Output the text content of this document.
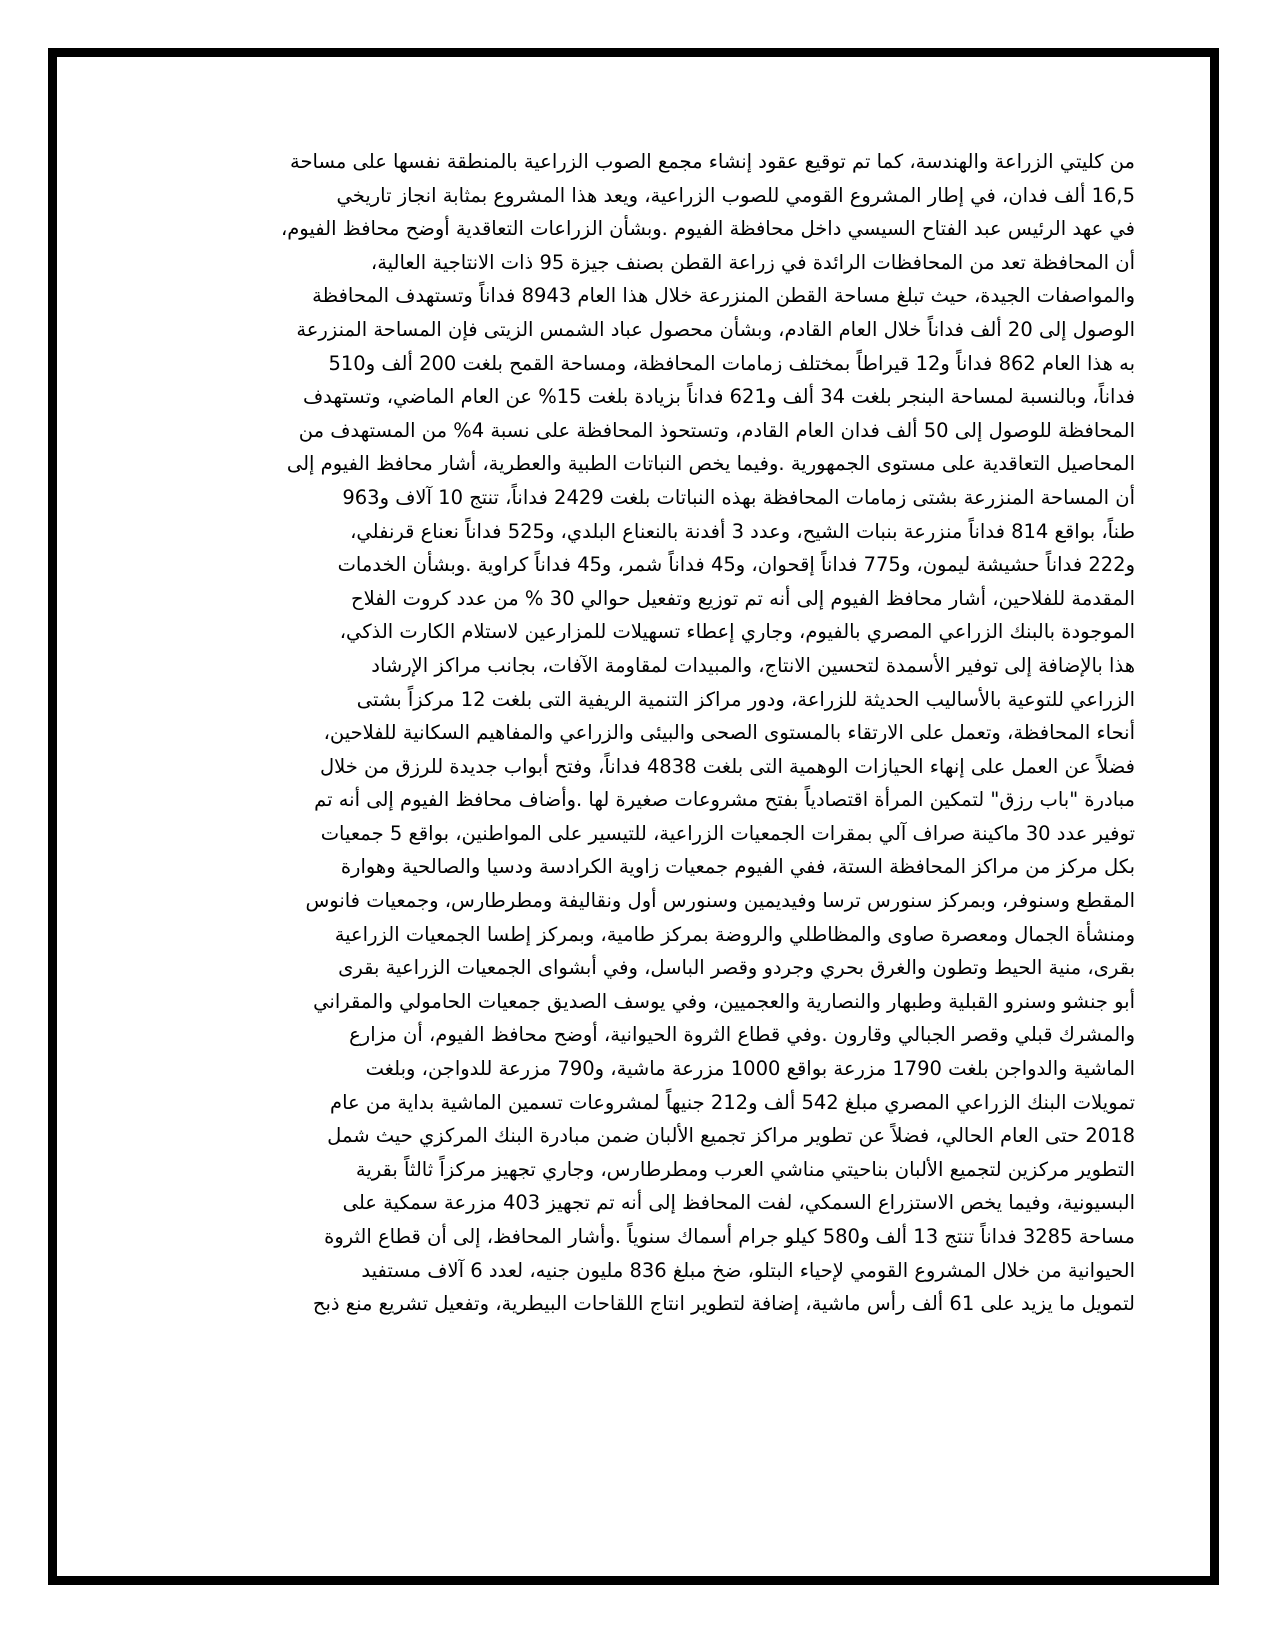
من كليتي الزراعة والهندسة، كما تم توقيع عقود إنشاء مجمع الصوب الزراعية بالمنطقة نفسها على مساحة
16,5 ألف فدان، في إطار المشروع القومي للصوب الزراعية، ويعد هذا المشروع بمثابة انجاز تاريخي
في عهد الرئيس عبد الفتاح السيسي داخل محافظة الفيوم .وبشأن الزراعات التعاقدية أوضح محافظ الفيوم،
أن المحافظة تعد من المحافظات الرائدة في زراعة القطن بصنف جيزة 95 ذات الانتاجية العالية،
والمواصفات الجيدة، حيث تبلغ مساحة القطن المنزرعة خلال هذا العام 8943 فداناً وتستهدف المحافظة
الوصول إلى 20 ألف فداناً خلال العام القادم، وبشأن محصول عباد الشمس الزيتى فإن المساحة المنزرعة
به هذا العام 862 فداناً و12 قيراطاً بمختلف زمامات المحافظة، ومساحة القمح بلغت 200 ألف و510
فداناً، وبالنسبة لمساحة البنجر بلغت 34 ألف و621 فداناً بزيادة بلغت 15% عن العام الماضي، وتستهدف
المحافظة للوصول إلى 50 ألف فدان العام القادم، وتستحوذ المحافظة على نسبة 4% من المستهدف من
المحاصيل التعاقدية على مستوى الجمهورية .وفيما يخص النباتات الطبية والعطرية، أشار محافظ الفيوم إلى
أن المساحة المنزرعة بشتى زمامات المحافظة بهذه النباتات بلغت 2429 فداناً، تنتج 10 آلاف و963
طناً، بواقع 814 فداناً منزرعة بنبات الشيح، وعدد 3 أفدنة بالنعناع البلدي، و525 فداناً نعناع قرنفلي،
و222 فداناً حشيشة ليمون، و775 فداناً إقحوان، و45 فداناً شمر، و45 فداناً كراوية .وبشأن الخدمات
المقدمة للفلاحين، أشار محافظ الفيوم إلى أنه تم توزيع وتفعيل حوالي 30 % من عدد كروت الفلاح
الموجودة بالبنك الزراعي المصري بالفيوم، وجاري إعطاء تسهيلات للمزارعين لاستلام الكارت الذكي،
هذا بالإضافة إلى توفير الأسمدة لتحسين الانتاج، والمبيدات لمقاومة الآفات، بجانب مراكز الإرشاد
الزراعي للتوعية بالأساليب الحديثة للزراعة، ودور مراكز التنمية الريفية التى بلغت 12 مركزاً بشتى
أنحاء المحافظة، وتعمل على الارتقاء بالمستوى الصحى والبيئى والزراعي والمفاهيم السكانية للفلاحين،
فضلاً عن العمل على إنهاء الحيازات الوهمية التى بلغت 4838 فداناً، وفتح أبواب جديدة للرزق من خلال
مبادرة "باب رزق" لتمكين المرأة اقتصادياً بفتح مشروعات صغيرة لها .وأضاف محافظ الفيوم إلى أنه تم
توفير عدد 30 ماكينة صراف آلي بمقرات الجمعيات الزراعية، للتيسير على المواطنين، بواقع 5 جمعيات
بكل مركز من مراكز المحافظة الستة، ففي الفيوم جمعيات زاوية الكرادسة ودسيا والصالحية وهوارة
المقطع وسنوفر، وبمركز سنورس ترسا وفيديمين وسنورس أول ونقاليفة ومطرطارس، وجمعيات فانوس
ومنشأة الجمال ومعصرة صاوى والمظاطلي والروضة بمركز طامية، وبمركز إطسا الجمعيات الزراعية
بقرى، منية الحيط وتطون والغرق بحري وجردو وقصر الباسل، وفي أبشواى الجمعيات الزراعية بقرى
أبو جنشو وسنرو القبلية وطبهار والنصارية والعجميين، وفي يوسف الصديق جمعيات الحامولي والمقراني
والمشرك قبلي وقصر الجبالي وقارون .وفي قطاع الثروة الحيوانية، أوضح محافظ الفيوم، أن مزارع
الماشية والدواجن بلغت 1790 مزرعة بواقع 1000 مزرعة ماشية، و790 مزرعة للدواجن، وبلغت
تمويلات البنك الزراعي المصري مبلغ 542 ألف و212 جنيهاً لمشروعات تسمين الماشية بداية من عام
2018 حتى العام الحالي، فضلاً عن تطوير مراكز تجميع الألبان ضمن مبادرة البنك المركزي حيث شمل
التطوير مركزين لتجميع الألبان بناحيتي مناشي العرب ومطرطارس، وجاري تجهيز مركزاً ثالثاً بقرية
البسيونية، وفيما يخص الاستزراع السمكي، لفت المحافظ إلى أنه تم تجهيز 403 مزرعة سمكية على
مساحة 3285 فداناً تنتج 13 ألف و580 كيلو جرام أسماك سنوياً .وأشار المحافظ، إلى أن قطاع الثروة
الحيوانية من خلال المشروع القومي لإحياء البتلو، ضخ مبلغ 836 مليون جنيه، لعدد 6 آلاف مستفيد
لتمويل ما يزيد على 61 ألف رأس ماشية، إضافة لتطوير انتاج اللقاحات البيطرية، وتفعيل تشريع منع ذبح
